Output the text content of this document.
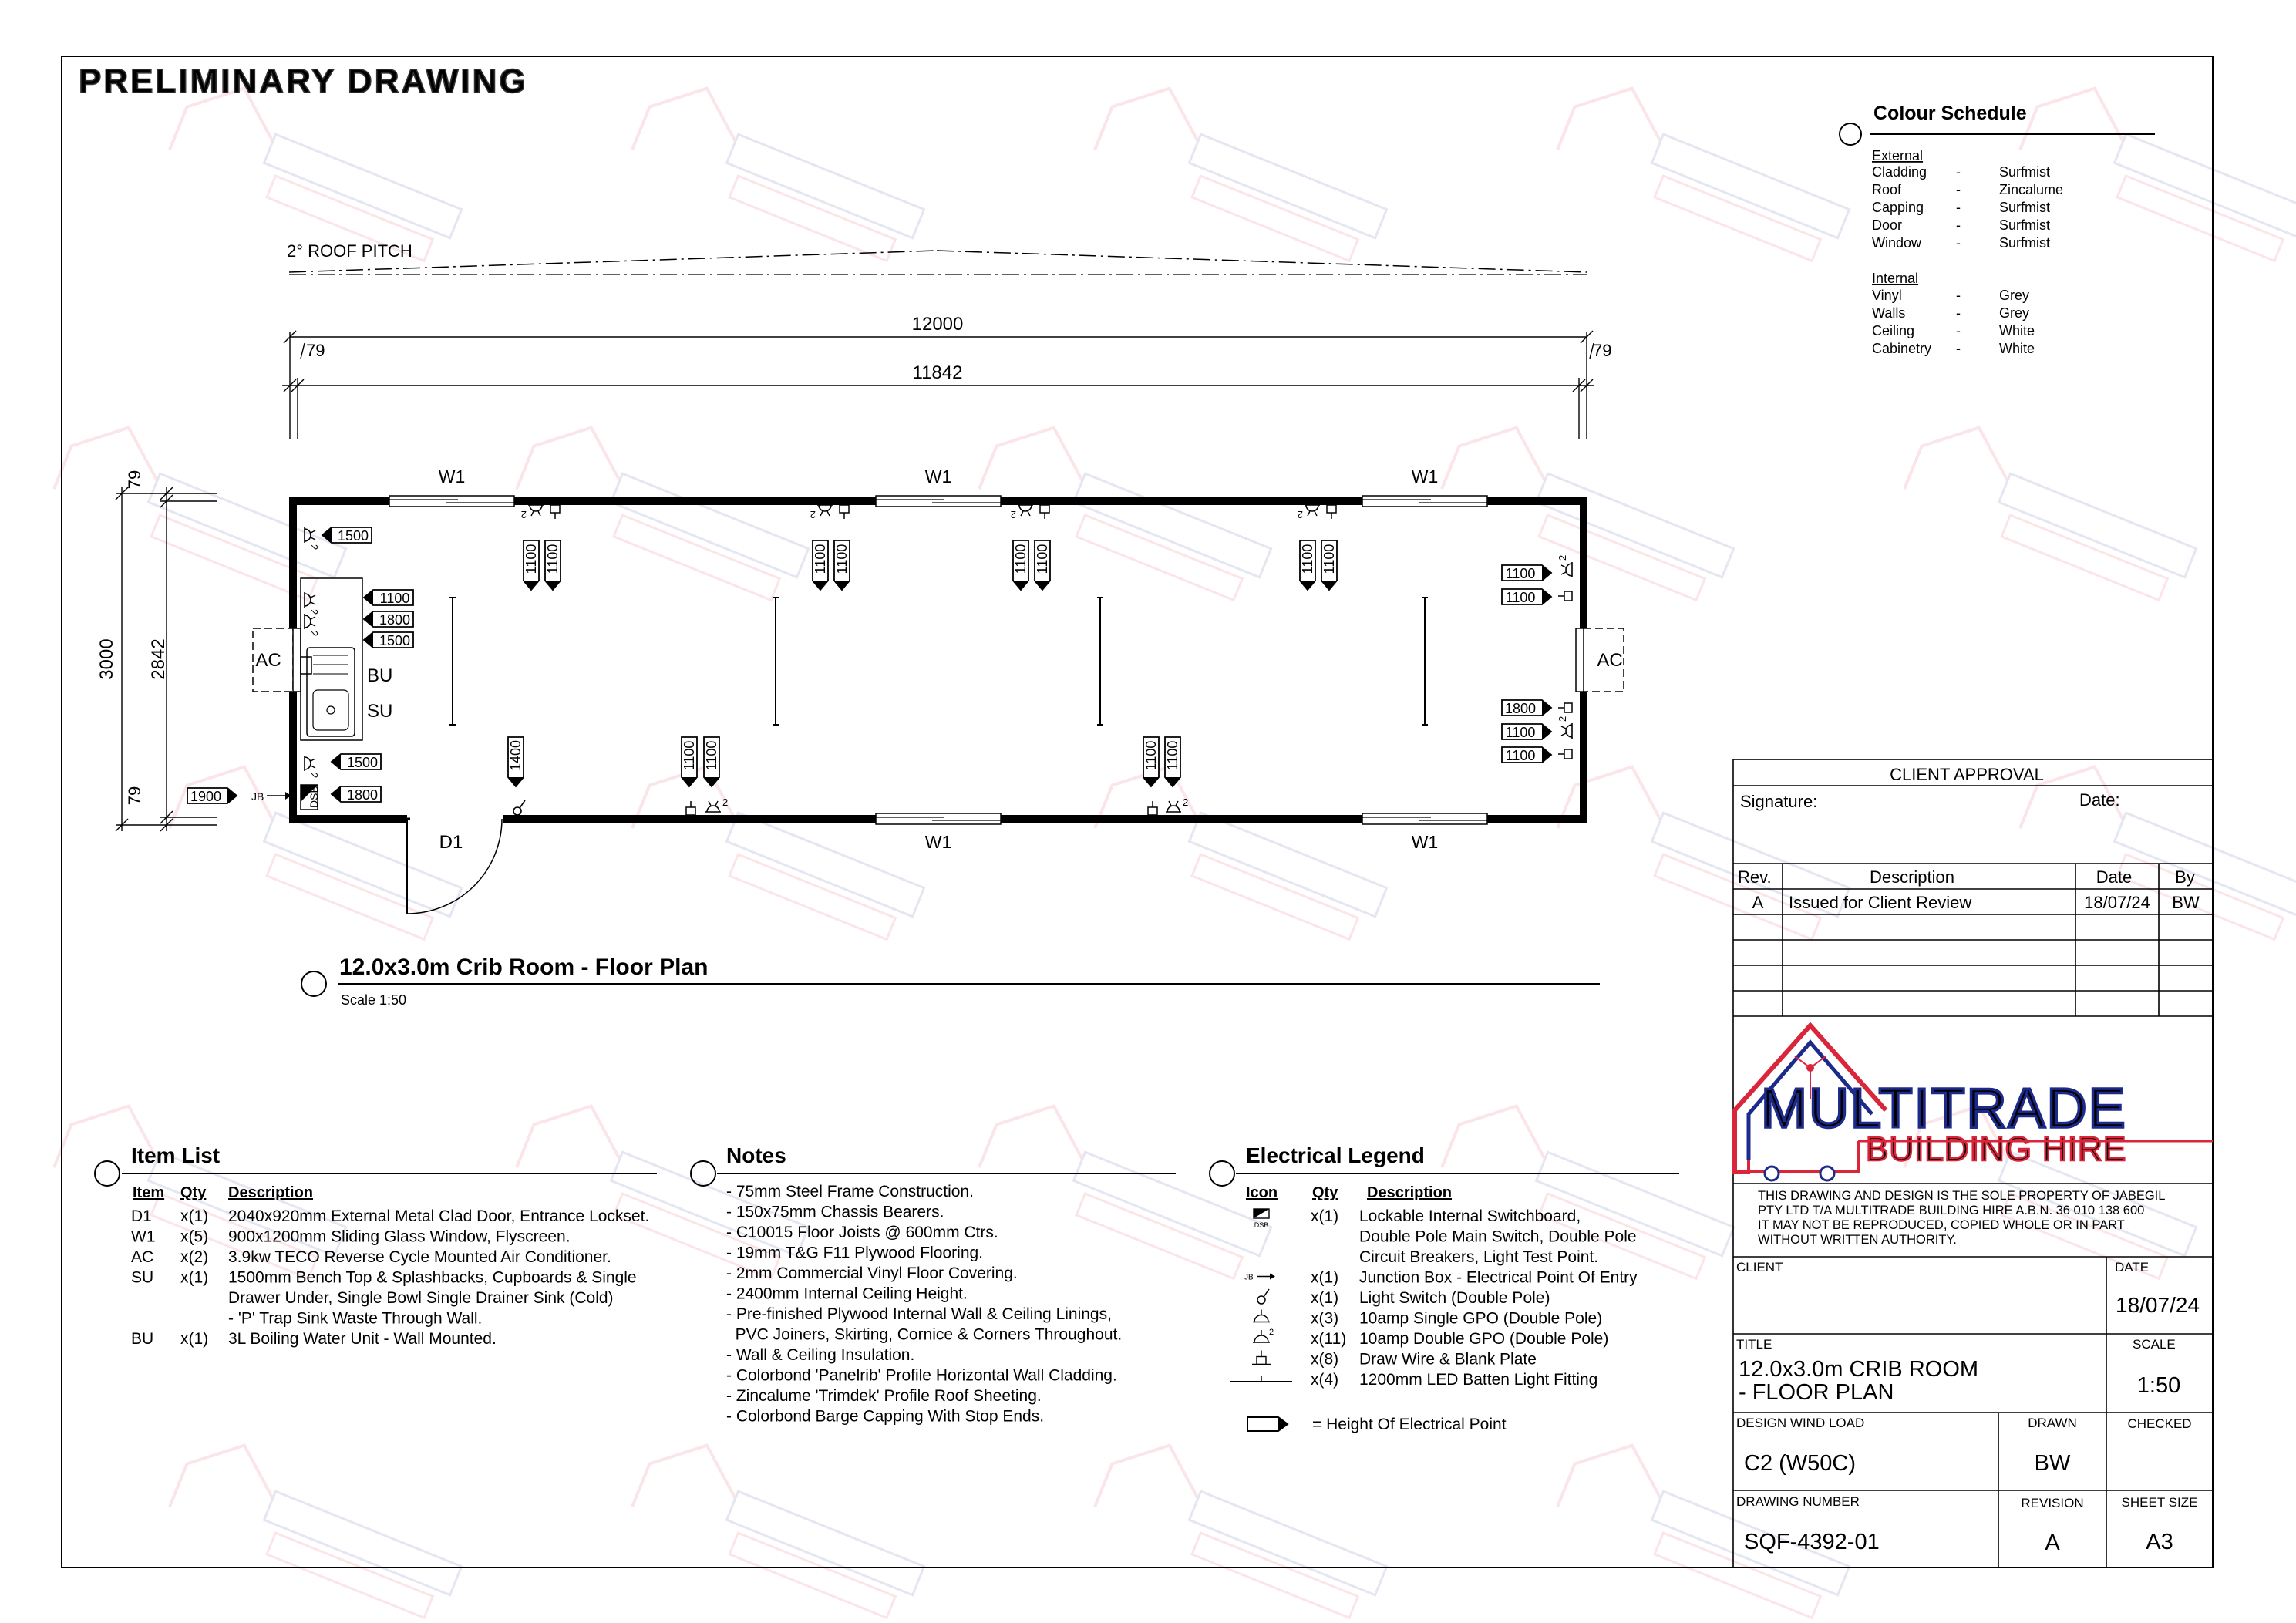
PRELIMINARY DRAWING
2° ROOF PITCH
12000
11842
79	79
3000 2842
79
79
D1
W1	W1	W1
W1	W1
AC	AC
BU
SU
DSB
JB
2
1100 1100
2
1100 1100
2
1100 1100
2
1100 1100
2
1500
2
1100
2
1800
1500
2
1500
1800
1900
2
1100
1100
1800
2
1100
1100
1400
2
1100 1100
2
1100 1100
12.0x3.0m Crib Room - Floor Plan
Scale 1:50
Colour Schedule
External
Cladding -	Surfmist
Roof	-	Zincalume
Capping -	Surfmist
Door	-	Surfmist
Window -	Surfmist
Internal
Vinyl	-	Grey
Walls	-	Grey
Ceiling	-	White
Cabinetry -	White
Item List
Item Qty Description
D1 x(1) 2040x920mm External Metal Clad Door, Entrance Lockset.
W1 x(5) 900x1200mm Sliding Glass Window, Flyscreen.
AC x(2) 3.9kw TECO Reverse Cycle Mounted Air Conditioner.
SU x(1) 1500mm Bench Top & Splashbacks, Cupboards & Single
Drawer Under, Single Bowl Single Drainer Sink (Cold)
- 'P' Trap Sink Waste Through Wall.
BU x(1) 3L Boiling Water Unit - Wall Mounted.
Notes
- 75mm Steel Frame Construction.
- 150x75mm Chassis Bearers.
- C10015 Floor Joists @ 600mm Ctrs.
- 19mm T&G F11 Plywood Flooring.
- 2mm Commercial Vinyl Floor Covering.
- 2400mm Internal Ceiling Height.
- Pre-finished Plywood Internal Wall & Ceiling Linings,
PVC Joiners, Skirting, Cornice & Corners Throughout.
- Wall & Ceiling Insulation.
- Colorbond 'Panelrib' Profile Horizontal Wall Cladding.
- Zincalume 'Trimdek' Profile Roof Sheeting.
- Colorbond Barge Capping With Stop Ends.
Electrical Legend
Icon Qty Description
DSB	x(1) Lockable Internal Switchboard,
Double Pole Main Switch, Double Pole
Circuit Breakers, Light Test Point.
JB	x(1) Junction Box - Electrical Point Of Entry
x(1) Light Switch (Double Pole)
x(3) 10amp Single GPO (Double Pole)
2 x(11) 10amp Double GPO (Double Pole)
x(8) Draw Wire & Blank Plate
x(4) 1200mm LED Batten Light Fitting
= Height Of Electrical Point
CLIENT APPROVAL
Signature:	Date:
Rev.	Description	Date	By
A Issued for Client Review	18/07/24 BW
MULTITRADE
BUILDING HIRE
THIS DRAWING AND DESIGN IS THE SOLE PROPERTY OF JABEGIL
PTY LTD T/A MULTITRADE BUILDING HIRE A.B.N. 36 010 138 600
IT MAY NOT BE REPRODUCED, COPIED WHOLE OR IN PART
WITHOUT WRITTEN AUTHORITY.
CLIENT	DATE
18/07/24
TITLE
12.0x3.0m CRIB ROOM
- FLOOR PLAN
SCALE
1:50
DESIGN WIND LOAD
C2 (W50C)
DRAWN
BW
CHECKED
DRAWING NUMBER
SQF-4392-01
REVISION
A
SHEET SIZE
A3
